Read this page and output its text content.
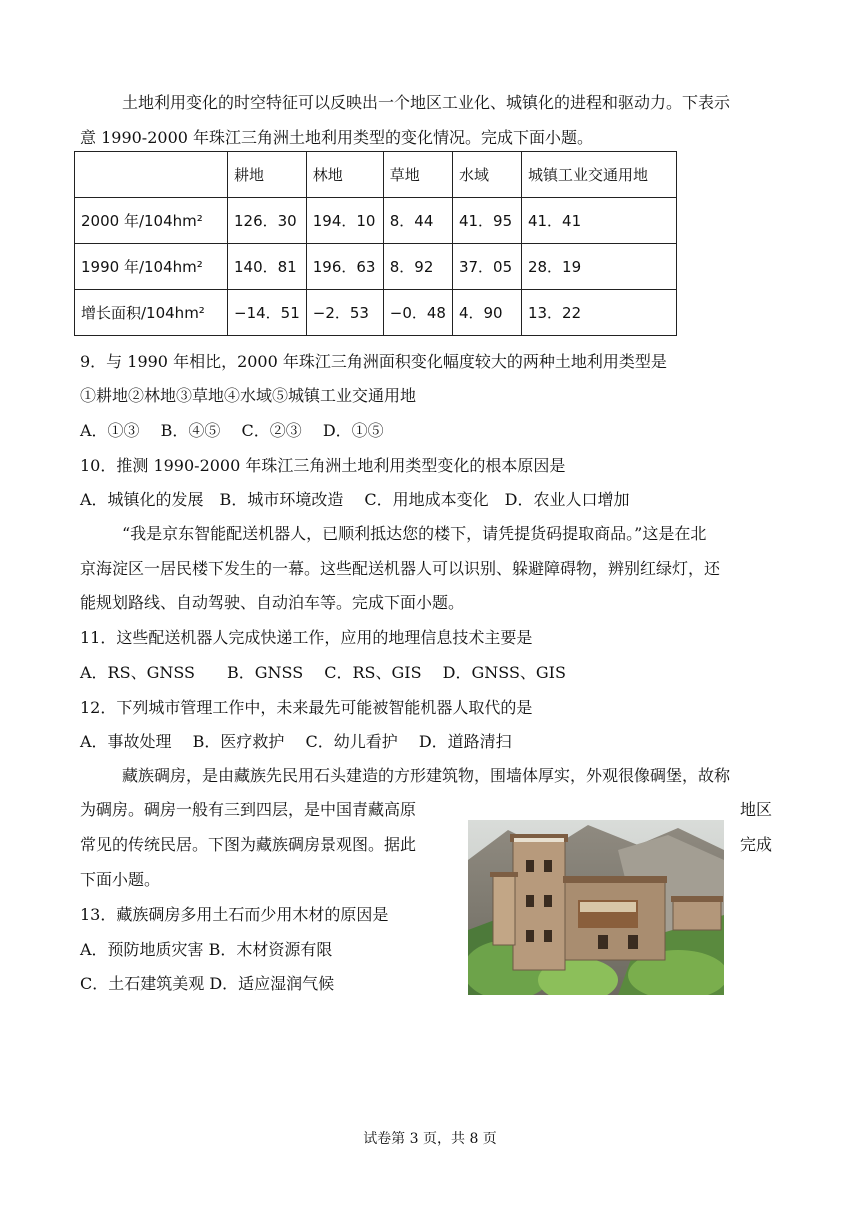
土地利用变化的时空特征可以反映出一个地区工业化、城镇化的进程和驱动力。下表示
意 1990-2000 年珠江三角洲土地利用类型的变化情况。完成下面小题。
	耕地	林地	草地	水域	城镇工业交通用地
2000 年/104hm²	126．30	194．10	8．44	41．95	41．41
1990 年/104hm²	140．81	196．63	8．92	37．05	28．19
增长面积/104hm²	−14．51	−2．53	−0．48	4．90	13．22
9．与 1990 年相比，2000 年珠江三角洲面积变化幅度较大的两种土地利用类型是
①耕地②林地③草地④水域⑤城镇工业交通用地
A．①③　 B．④⑤　 C．②③　 D．①⑤
10．推测 1990-2000 年珠江三角洲土地利用类型变化的根本原因是
A．城镇化的发展　B．城市环境改造　 C．用地成本变化　D．农业人口增加
“我是京东智能配送机器人，已顺利抵达您的楼下，请凭提货码提取商品。”这是在北
京海淀区一居民楼下发生的一幕。这些配送机器人可以识别、躲避障碍物，辨别红绿灯，还
能规划路线、自动驾驶、自动泊车等。完成下面小题。
11．这些配送机器人完成快递工作，应用的地理信息技术主要是
A．RS、GNSS　　B．GNSS　 C．RS、GIS　 D．GNSS、GIS
12．下列城市管理工作中，未来最先可能被智能机器人取代的是
A．事故处理　 B．医疗救护　 C．幼儿看护　 D．道路清扫
藏族碉房，是由藏族先民用石头建造的方形建筑物，围墙体厚实，外观很像碉堡，故称
为碉房。碉房一般有三到四层，是中国青藏高原	地区
常见的传统民居。下图为藏族碉房景观图。据此	完成
下面小题。
13．藏族碉房多用土石而少用木材的原因是
A．预防地质灾害 B．木材资源有限
C．土石建筑美观 D．适应湿润气候
试卷第 3 页，共 8 页
